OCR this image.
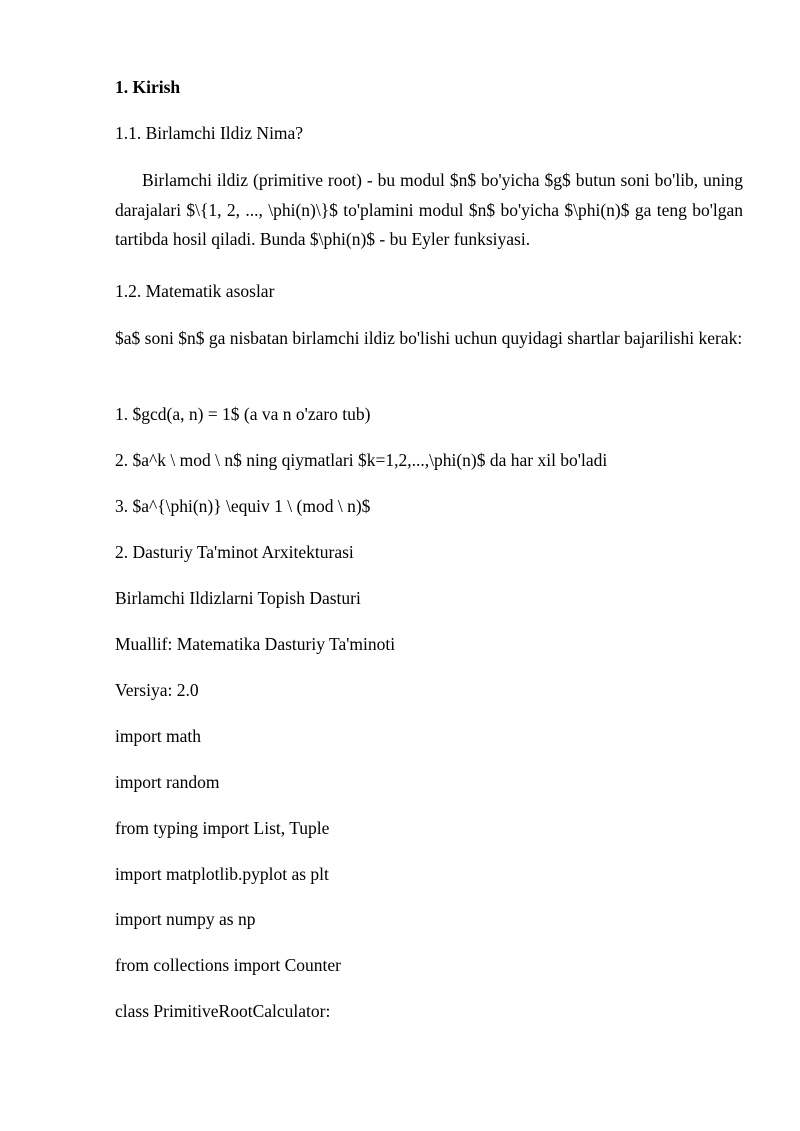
1. Kirish
1.1. Birlamchi Ildiz Nima?
Birlamchi ildiz (primitive root) - bu modul $n$ bo'yicha $g$ butun soni bo'lib, uning darajalari $\{1, 2, ..., \phi(n)\}$ to'plamini modul $n$ bo'yicha $\phi(n)$ ga teng bo'lgan tartibda hosil qiladi. Bunda $\phi(n)$ - bu Eyler funksiyasi.
1.2. Matematik asoslar
$a$ soni $n$ ga nisbatan birlamchi ildiz bo'lishi uchun quyidagi shartlar bajarilishi kerak:
1. $gcd(a, n) = 1$ (a va n o'zaro tub)
2. $a^k \ mod \ n$ ning qiymatlari $k=1,2,...,\phi(n)$ da har xil bo'ladi
3. $a^{\phi(n)} \equiv 1 \ (mod \ n)$
2. Dasturiy Ta'minot Arxitekturasi
Birlamchi Ildizlarni Topish Dasturi
Muallif: Matematika Dasturiy Ta'minoti
Versiya: 2.0
import math
import random
from typing import List, Tuple
import matplotlib.pyplot as plt
import numpy as np
from collections import Counter
class PrimitiveRootCalculator:
